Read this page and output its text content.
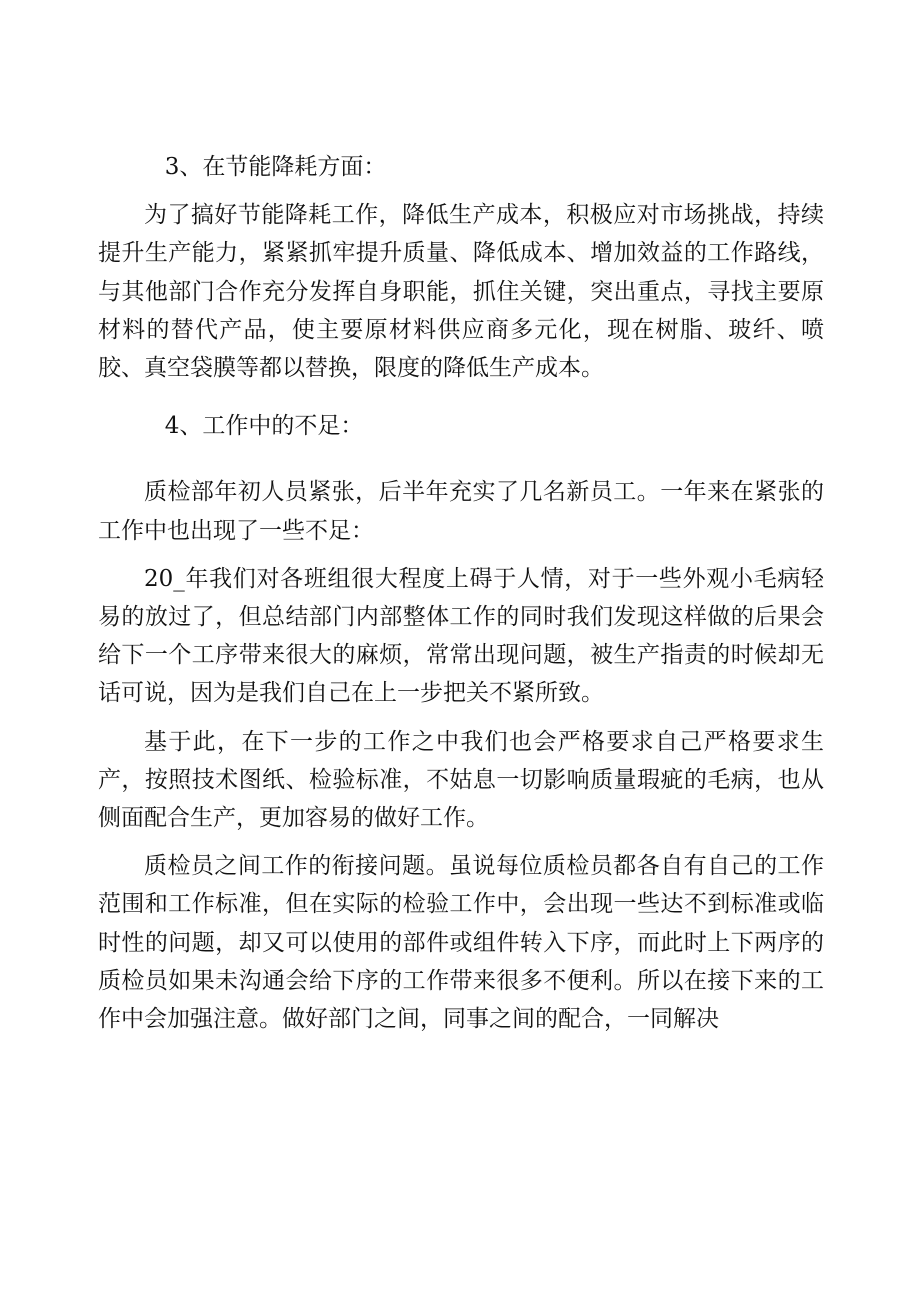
3、在节能降耗方面：

为了搞好节能降耗工作，降低生产成本，积极应对市场挑战，持续提升生产能力，紧紧抓牢提升质量、降低成本、增加效益的工作路线，与其他部门合作充分发挥自身职能，抓住关键，突出重点，寻找主要原材料的替代产品，使主要原材料供应商多元化，现在树脂、玻纤、喷胶、真空袋膜等都以替换，限度的降低生产成本。

4、工作中的不足：

质检部年初人员紧张，后半年充实了几名新员工。一年来在紧张的工作中也出现了一些不足：

20_年我们对各班组很大程度上碍于人情，对于一些外观小毛病轻易的放过了，但总结部门内部整体工作的同时我们发现这样做的后果会给下一个工序带来很大的麻烦，常常出现问题，被生产指责的时候却无话可说，因为是我们自己在上一步把关不紧所致。

基于此，在下一步的工作之中我们也会严格要求自己严格要求生产，按照技术图纸、检验标准，不姑息一切影响质量瑕疵的毛病，也从侧面配合生产，更加容易的做好工作。

质检员之间工作的衔接问题。虽说每位质检员都各自有自己的工作范围和工作标准，但在实际的检验工作中，会出现一些达不到标准或临时性的问题，却又可以使用的部件或组件转入下序，而此时上下两序的质检员如果未沟通会给下序的工作带来很多不便利。所以在接下来的工作中会加强注意。做好部门之间，同事之间的配合，一同解决
